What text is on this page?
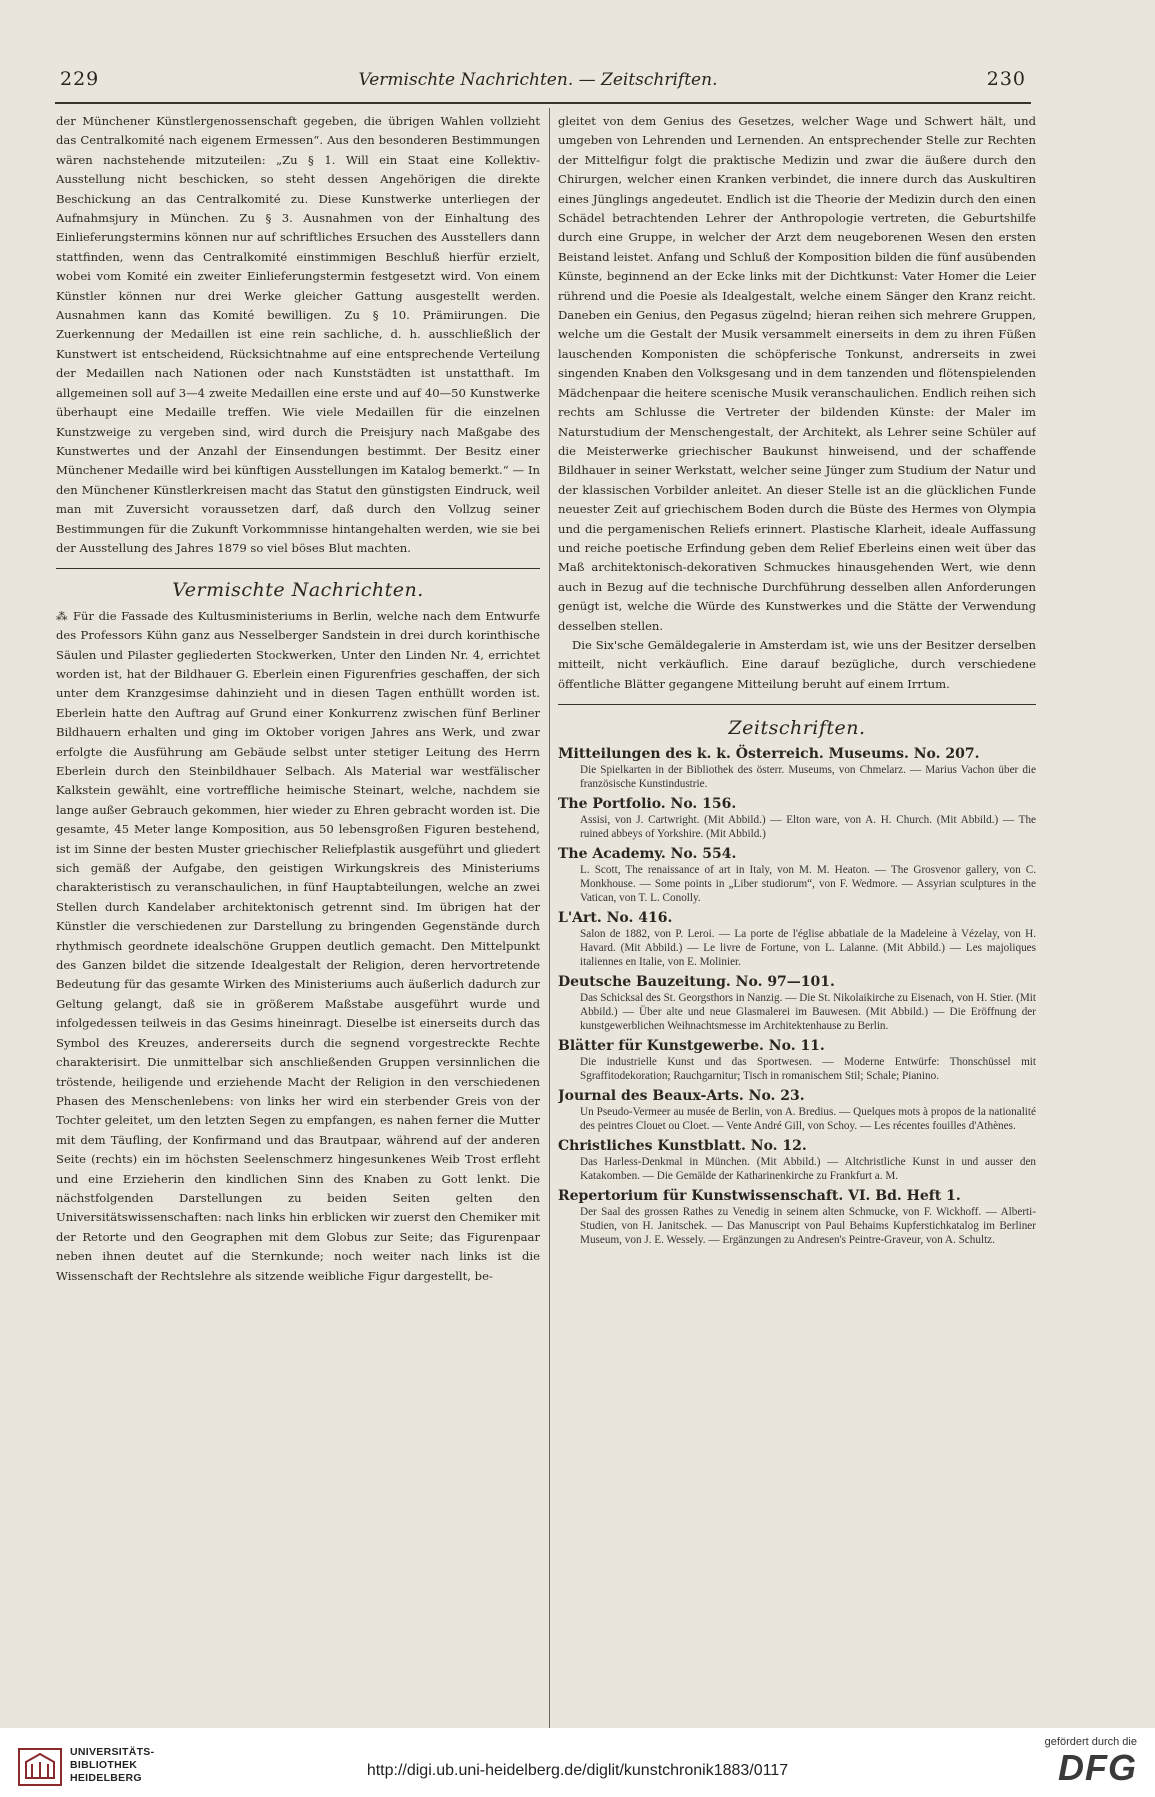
229	Vermischte Nachrichten. — Zeitschriften.	230

der Münchener Künstlergenossenschaft gegeben, die übrigen Wahlen vollzieht das Centralkomité nach eigenem Ermessen“. Aus den besonderen Bestimmungen wären nachstehende mitzuteilen: „Zu § 1. Will ein Staat eine Kollektiv-Ausstellung nicht beschicken, so steht dessen Angehörigen die direkte Beschickung an das Centralkomité zu. Diese Kunstwerke unterliegen der Aufnahmsjury in München. Zu § 3. Ausnahmen von der Einhaltung des Einlieferungstermins können nur auf schriftliches Ersuchen des Ausstellers dann stattfinden, wenn das Centralkomité einstimmigen Beschluß hierfür erzielt, wobei vom Komité ein zweiter Einlieferungstermin festgesetzt wird. Von einem Künstler können nur drei Werke gleicher Gattung ausgestellt werden. Ausnahmen kann das Komité bewilligen. Zu § 10. Prämiirungen. Die Zuerkennung der Medaillen ist eine rein sachliche, d. h. ausschließlich der Kunstwert ist entscheidend, Rücksichtnahme auf eine entsprechende Verteilung der Medaillen nach Nationen oder nach Kunststädten ist unstatthaft. Im allgemeinen soll auf 3—4 zweite Medaillen eine erste und auf 40—50 Kunstwerke überhaupt eine Medaille treffen. Wie viele Medaillen für die einzelnen Kunstzweige zu vergeben sind, wird durch die Preisjury nach Maßgabe des Kunstwertes und der Anzahl der Einsendungen bestimmt. Der Besitz einer Münchener Medaille wird bei künftigen Ausstellungen im Katalog bemerkt.“ — In den Münchener Künstlerkreisen macht das Statut den günstigsten Eindruck, weil man mit Zuversicht voraussetzen darf, daß durch den Vollzug seiner Bestimmungen für die Zukunft Vorkommnisse hintangehalten werden, wie sie bei der Ausstellung des Jahres 1879 so viel böses Blut machten.

Vermischte Nachrichten.

⁂ Für die Fassade des Kultusministeriums in Berlin, welche nach dem Entwurfe des Professors Kühn ganz aus Nesselberger Sandstein in drei durch korinthische Säulen und Pilaster gegliederten Stockwerken, Unter den Linden Nr. 4, errichtet worden ist, hat der Bildhauer G. Eberlein einen Figurenfries geschaffen, der sich unter dem Kranzgesimse dahinzieht und in diesen Tagen enthüllt worden ist. Eberlein hatte den Auftrag auf Grund einer Konkurrenz zwischen fünf Berliner Bildhauern erhalten und ging im Oktober vorigen Jahres ans Werk, und zwar erfolgte die Ausführung am Gebäude selbst unter stetiger Leitung des Herrn Eberlein durch den Steinbildhauer Selbach. Als Material war westfälischer Kalkstein gewählt, eine vortreffliche heimische Steinart, welche, nachdem sie lange außer Gebrauch gekommen, hier wieder zu Ehren gebracht worden ist. Die gesamte, 45 Meter lange Komposition, aus 50 lebensgroßen Figuren bestehend, ist im Sinne der besten Muster griechischer Reliefplastik ausgeführt und gliedert sich gemäß der Aufgabe, den geistigen Wirkungskreis des Ministeriums charakteristisch zu veranschaulichen, in fünf Hauptabteilungen, welche an zwei Stellen durch Kandelaber architektonisch getrennt sind. Im übrigen hat der Künstler die verschiedenen zur Darstellung zu bringenden Gegenstände durch rhythmisch geordnete idealschöne Gruppen deutlich gemacht. Den Mittelpunkt des Ganzen bildet die sitzende Idealgestalt der Religion, deren hervortretende Bedeutung für das gesamte Wirken des Ministeriums auch äußerlich dadurch zur Geltung gelangt, daß sie in größerem Maßstabe ausgeführt wurde und infolgedessen teilweis in das Gesims hineinragt. Dieselbe ist einerseits durch das Symbol des Kreuzes, andererseits durch die segnend vorgestreckte Rechte charakterisirt. Die unmittelbar sich anschließenden Gruppen versinnlichen die tröstende, heiligende und erziehende Macht der Religion in den verschiedenen Phasen des Menschenlebens: von links her wird ein sterbender Greis von der Tochter geleitet, um den letzten Segen zu empfangen, es nahen ferner die Mutter mit dem Täufling, der Konfirmand und das Brautpaar, während auf der anderen Seite (rechts) ein im höchsten Seelenschmerz hingesunkenes Weib Trost erfleht und eine Erzieherin den kindlichen Sinn des Knaben zu Gott lenkt. Die nächstfolgenden Darstellungen zu beiden Seiten gelten den Universitätswissenschaften: nach links hin erblicken wir zuerst den Chemiker mit der Retorte und den Geographen mit dem Globus zur Seite; das Figurenpaar neben ihnen deutet auf die Sternkunde; noch weiter nach links ist die Wissenschaft der Rechtslehre als sitzende weibliche Figur dargestellt, be-

gleitet von dem Genius des Gesetzes, welcher Wage und Schwert hält, und umgeben von Lehrenden und Lernenden. An entsprechender Stelle zur Rechten der Mittelfigur folgt die praktische Medizin und zwar die äußere durch den Chirurgen, welcher einen Kranken verbindet, die innere durch das Auskultiren eines Jünglings angedeutet. Endlich ist die Theorie der Medizin durch den einen Schädel betrachtenden Lehrer der Anthropologie vertreten, die Geburtshilfe durch eine Gruppe, in welcher der Arzt dem neugeborenen Wesen den ersten Beistand leistet. Anfang und Schluß der Komposition bilden die fünf ausübenden Künste, beginnend an der Ecke links mit der Dichtkunst: Vater Homer die Leier rührend und die Poesie als Idealgestalt, welche einem Sänger den Kranz reicht. Daneben ein Genius, den Pegasus zügelnd; hieran reihen sich mehrere Gruppen, welche um die Gestalt der Musik versammelt einerseits in dem zu ihren Füßen lauschenden Komponisten die schöpferische Tonkunst, andrerseits in zwei singenden Knaben den Volksgesang und in dem tanzenden und flötenspielenden Mädchenpaar die heitere scenische Musik veranschaulichen. Endlich reihen sich rechts am Schlusse die Vertreter der bildenden Künste: der Maler im Naturstudium der Menschengestalt, der Architekt, als Lehrer seine Schüler auf die Meisterwerke griechischer Baukunst hinweisend, und der schaffende Bildhauer in seiner Werkstatt, welcher seine Jünger zum Studium der Natur und der klassischen Vorbilder anleitet. An dieser Stelle ist an die glücklichen Funde neuester Zeit auf griechischem Boden durch die Büste des Hermes von Olympia und die pergamenischen Reliefs erinnert. Plastische Klarheit, ideale Auffassung und reiche poetische Erfindung geben dem Relief Eberleins einen weit über das Maß architektonisch-dekorativen Schmuckes hinausgehenden Wert, wie denn auch in Bezug auf die technische Durchführung desselben allen Anforderungen genügt ist, welche die Würde des Kunstwerkes und die Stätte der Verwendung desselben stellen.

Die Six'sche Gemäldegalerie in Amsterdam ist, wie uns der Besitzer derselben mitteilt, nicht verkäuflich. Eine darauf bezügliche, durch verschiedene öffentliche Blätter gegangene Mitteilung beruht auf einem Irrtum.

Zeitschriften.
Mitteilungen des k. k. Österreich. Museums. No. 207.
Die Spielkarten in der Bibliothek des österr. Museums, von Chmelarz. — Marius Vachon über die französische Kunstindustrie.
The Portfolio. No. 156.
Assisi, von J. Cartwright. (Mit Abbild.) — Elton ware, von A. H. Church. (Mit Abbild.) — The ruined abbeys of Yorkshire. (Mit Abbild.)
The Academy. No. 554.
L. Scott, The renaissance of art in Italy, von M. M. Heaton. — The Grosvenor gallery, von C. Monkhouse. — Some points in „Liber studiorum“, von F. Wedmore. — Assyrian sculptures in the Vatican, von T. L. Conolly.
L'Art. No. 416.
Salon de 1882, von P. Leroi. — La porte de l'église abbatiale de la Madeleine à Vézelay, von H. Havard. (Mit Abbild.) — Le livre de Fortune, von L. Lalanne. (Mit Abbild.) — Les majoliques italiennes en Italie, von E. Molinier.
Deutsche Bauzeitung. No. 97—101.
Das Schicksal des St. Georgsthors in Nanzig. — Die St. Nikolaikirche zu Eisenach, von H. Stier. (Mit Abbild.) — Über alte und neue Glasmalerei im Bauwesen. (Mit Abbild.) — Die Eröffnung der kunstgewerblichen Weihnachtsmesse im Architektenhause zu Berlin.
Blätter für Kunstgewerbe. No. 11.
Die industrielle Kunst und das Sportwesen. — Moderne Entwürfe: Thonschüssel mit Sgraffitodekoration; Rauchgarnitur; Tisch in romanischem Stil; Schale; Pianino.
Journal des Beaux-Arts. No. 23.
Un Pseudo-Vermeer au musée de Berlin, von A. Bredius. — Quelques mots à propos de la nationalité des peintres Clouet ou Cloet. — Vente André Gill, von Schoy. — Les récentes fouilles d'Athènes.
Christliches Kunstblatt. No. 12.
Das Harless-Denkmal in München. (Mit Abbild.) — Altchristliche Kunst in und ausser den Katakomben. — Die Gemälde der Katharinenkirche zu Frankfurt a. M.
Repertorium für Kunstwissenschaft. VI. Bd. Heft 1.
Der Saal des grossen Rathes zu Venedig in seinem alten Schmucke, von F. Wickhoff. — Alberti-Studien, von H. Janitschek. — Das Manuscript von Paul Behaims Kupferstichkatalog im Berliner Museum, von J. E. Wessely. — Ergänzungen zu Andresen's Peintre-Graveur, von A. Schultz.
UNIVERSITÄTS-
BIBLIOTHEK
HEIDELBERG	http://digi.ub.uni-heidelberg.de/diglit/kunstchronik1883/0117
gefördert durch die
DFG
